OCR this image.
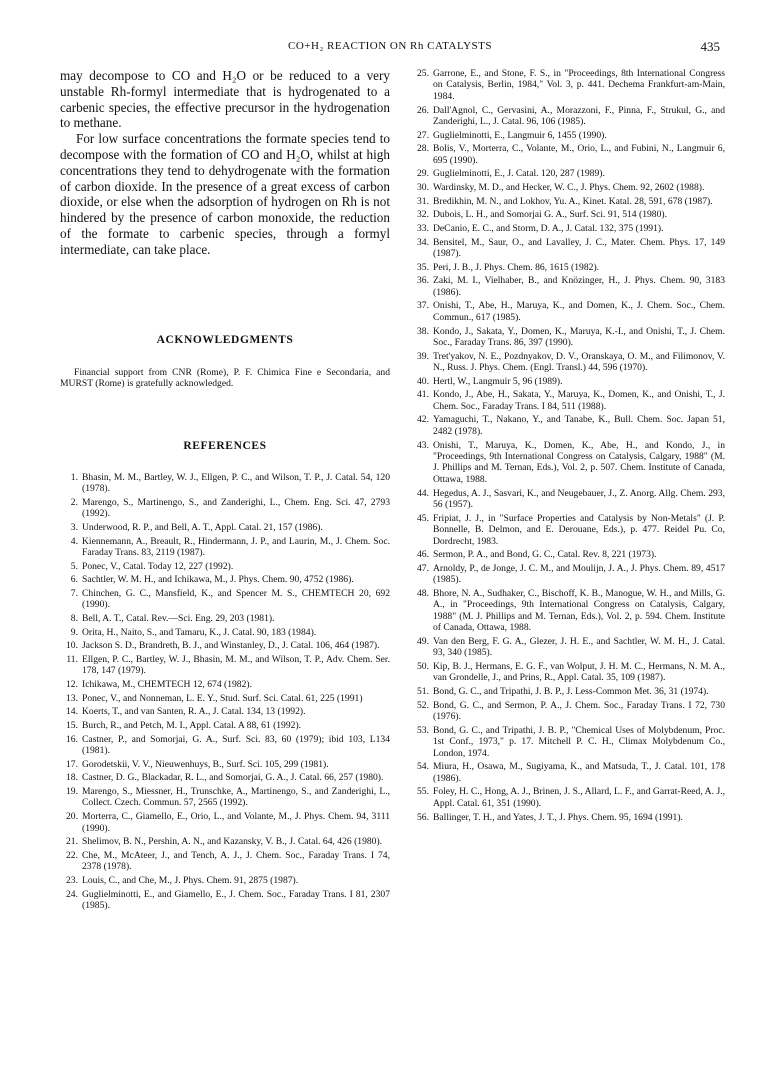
CO+H₂ REACTION ON Rh CATALYSTS	435

may decompose to CO and H₂O or be reduced to a very unstable Rh-formyl intermediate that is hydrogenated to a carbenic species, the effective precursor in the hydrogenation to methane.

For low surface concentrations the formate species tend to decompose with the formation of CO and H₂O, whilst at high concentrations they tend to dehydrogenate with the formation of carbon dioxide. In the presence of a great excess of carbon dioxide, or else when the adsorption of hydrogen on Rh is not hindered by the presence of carbon monoxide, the reduction of the formate to carbenic species, through a formyl intermediate, can take place.

ACKNOWLEDGMENTS

Financial support from CNR (Rome), P. F. Chimica Fine e Secondaria, and MURST (Rome) is gratefully acknowledged.

REFERENCES
1. Bhasin, M. M., Bartley, W. J., Ellgen, P. C., and Wilson, T. P., J. Catal. 54, 120 (1978).
2. Marengo, S., Martinengo, S., and Zanderighi, L., Chem. Eng. Sci. 47, 2793 (1992).
3. Underwood, R. P., and Bell, A. T., Appl. Catal. 21, 157 (1986).
4. Kiennemann, A., Breault, R., Hindermann, J. P., and Laurin, M., J. Chem. Soc. Faraday Trans. 83, 2119 (1987).
5. Ponec, V., Catal. Today 12, 227 (1992).
6. Sachtler, W. M. H., and Ichikawa, M., J. Phys. Chem. 90, 4752 (1986).
7. Chinchen, G. C., Mansfield, K., and Spencer M. S., CHEMTECH 20, 692 (1990).
8. Bell, A. T., Catal. Rev.—Sci. Eng. 29, 203 (1981).
9. Orita, H., Naito, S., and Tamaru, K., J. Catal. 90, 183 (1984).
10. Jackson S. D., Brandreth, B. J., and Winstanley, D., J. Catal. 106, 464 (1987).
11. Ellgen, P. C., Bartley, W. J., Bhasin, M. M., and Wilson, T. P., Adv. Chem. Ser. 178, 147 (1979).
12. Ichikawa, M., CHEMTECH 12, 674 (1982).
13. Ponec, V., and Nonneman, L. E. Y., Stud. Surf. Sci. Catal. 61, 225 (1991)
14. Koerts, T., and van Santen, R. A., J. Catal. 134, 13 (1992).
15. Burch, R., and Petch, M. I., Appl. Catal. A 88, 61 (1992).
16. Castner, P., and Somorjai, G. A., Surf. Sci. 83, 60 (1979); ibid 103, L134 (1981).
17. Gorodetskii, V. V., Nieuwenhuys, B., Surf. Sci. 105, 299 (1981).
18. Castner, D. G., Blackadar, R. L., and Somorjai, G. A., J. Catal. 66, 257 (1980).
19. Marengo, S., Miessner, H., Trunschke, A., Martinengo, S., and Zanderighi, L., Collect. Czech. Commun. 57, 2565 (1992).
20. Morterra, C., Giamello, E., Orio, L., and Volante, M., J. Phys. Chem. 94, 3111 (1990).
21. Shelimov, B. N., Pershin, A. N., and Kazansky, V. B., J. Catal. 64, 426 (1980).
22. Che, M., McAteer, J., and Tench, A. J., J. Chem. Soc., Faraday Trans. I 74, 2378 (1978).
23. Louis, C., and Che, M., J. Phys. Chem. 91, 2875 (1987).
24. Guglielminotti, E., and Giamello, E., J. Chem. Soc., Faraday Trans. I 81, 2307 (1985).
25. Garrone, E., and Stone, F. S., in "Proceedings, 8th International Congress on Catalysis, Berlin, 1984," Vol. 3, p. 441. Dechema Frankfurt-am-Main, 1984.
26. Dall'Agnol, C., Gervasini, A., Morazzoni, F., Pinna, F., Strukul, G., and Zanderighi, L., J. Catal. 96, 106 (1985).
27. Guglielminotti, E., Langmuir 6, 1455 (1990).
28. Bolis, V., Morterra, C., Volante, M., Orio, L., and Fubini, N., Langmuir 6, 695 (1990).
29. Guglielminotti, E., J. Catal. 120, 287 (1989).
30. Wardinsky, M. D., and Hecker, W. C., J. Phys. Chem. 92, 2602 (1988).
31. Bredikhin, M. N., and Lokhov, Yu. A., Kinet. Katal. 28, 591, 678 (1987).
32. Dubois, L. H., and Somorjai G. A., Surf. Sci. 91, 514 (1980).
33. DeCanio, E. C., and Storm, D. A., J. Catal. 132, 375 (1991).
34. Bensitel, M., Saur, O., and Lavalley, J. C., Mater. Chem. Phys. 17, 149 (1987).
35. Peri, J. B., J. Phys. Chem. 86, 1615 (1982).
36. Zaki, M. I., Vielhaber, B., and Knözinger, H., J. Phys. Chem. 90, 3183 (1986).
37. Onishi, T., Abe, H., Maruya, K., and Domen, K., J. Chem. Soc., Chem. Commun., 617 (1985).
38. Kondo, J., Sakata, Y., Domen, K., Maruya, K.-I., and Onishi, T., J. Chem. Soc., Faraday Trans. 86, 397 (1990).
39. Tret'yakov, N. E., Pozdnyakov, D. V., Oranskaya, O. M., and Filimonov, V. N., Russ. J. Phys. Chem. (Engl. Transl.) 44, 596 (1970).
40. Hertl, W., Langmuir 5, 96 (1989).
41. Kondo, J., Abe, H., Sakata, Y., Maruya, K., Domen, K., and Onishi, T., J. Chem. Soc., Faraday Trans. I 84, 511 (1988).
42. Yamaguchi, T., Nakano, Y., and Tanabe, K., Bull. Chem. Soc. Japan 51, 2482 (1978).
43. Onishi, T., Maruya, K., Domen, K., Abe, H., and Kondo, J., in "Proceedings, 9th International Congress on Catalysis, Calgary, 1988" (M. J. Phillips and M. Ternan, Eds.), Vol. 2, p. 507. Chem. Institute of Canada, Ottawa, 1988.
44. Hegedus, A. J., Sasvari, K., and Neugebauer, J., Z. Anorg. Allg. Chem. 293, 56 (1957).
45. Fripiat, J. J., in "Surface Properties and Catalysis by Non-Metals" (J. P. Bonnelle, B. Delmon, and E. Derouane, Eds.), p. 477. Reidel Pu. Co, Dordrecht, 1983.
46. Sermon, P. A., and Bond, G. C., Catal. Rev. 8, 221 (1973).
47. Arnoldy, P., de Jonge, J. C. M., and Moulijn, J. A., J. Phys. Chem. 89, 4517 (1985).
48. Bhore, N. A., Sudhaker, C., Bischoff, K. B., Manogue, W. H., and Mills, G. A., in "Proceedings, 9th International Congress on Catalysis, Calgary, 1988" (M. J. Phillips and M. Ternan, Eds.), Vol. 2, p. 594. Chem. Institute of Canada, Ottawa, 1988.
49. Van den Berg, F. G. A., Glezer, J. H. E., and Sachtler, W. M. H., J. Catal. 93, 340 (1985).
50. Kip, B. J., Hermans, E. G. F., van Wolput, J. H. M. C., Hermans, N. M. A., van Grondelle, J., and Prins, R., Appl. Catal. 35, 109 (1987).
51. Bond, G. C., and Tripathi, J. B. P., J. Less-Common Met. 36, 31 (1974).
52. Bond, G. C., and Sermon, P. A., J. Chem. Soc., Faraday Trans. I 72, 730 (1976).
53. Bond, G. C., and Tripathi, J. B. P., "Chemical Uses of Molybdenum, Proc. 1st Conf., 1973," p. 17. Mitchell P. C. H., Climax Molybdenum Co., London, 1974.
54. Miura, H., Osawa, M., Sugiyama, K., and Matsuda, T., J. Catal. 101, 178 (1986).
55. Foley, H. C., Hong, A. J., Brinen, J. S., Allard, L. F., and Garrat-Reed, A. J., Appl. Catal. 61, 351 (1990).
56. Ballinger, T. H., and Yates, J. T., J. Phys. Chem. 95, 1694 (1991).
